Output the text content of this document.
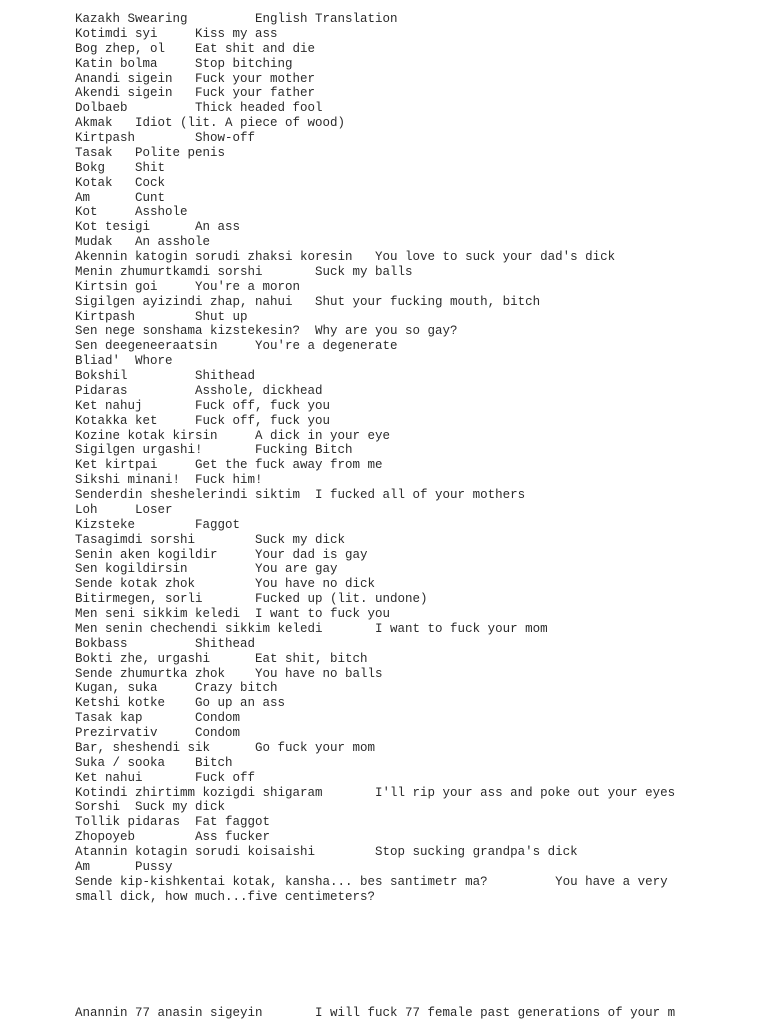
Kazakh Swearing         English Translation
Kotimdi syi     Kiss my ass
Bog zhep, ol    Eat shit and die
Katin bolma     Stop bitching
Anandi sigein   Fuck your mother
Akendi sigein   Fuck your father
Dolbaeb         Thick headed fool
Akmak   Idiot (lit. A piece of wood)
Kirtpash        Show-off
Tasak   Polite penis
Bokg    Shit
Kotak   Cock
Am      Cunt
Kot     Asshole
Kot tesigi      An ass
Mudak   An asshole
Akennin katogin sorudi zhaksi koresin   You love to suck your dad's dick
Menin zhumurtkamdi sorshi       Suck my balls
Kirtsin goi     You're a moron
Sigilgen ayizindi zhap, nahui   Shut your fucking mouth, bitch
Kirtpash        Shut up
Sen nege sonshama kizstekesin?  Why are you so gay?
Sen deegeneeraatsin     You're a degenerate
Bliad'  Whore
Bokshil         Shithead
Pidaras         Asshole, dickhead
Ket nahuj       Fuck off, fuck you
Kotakka ket     Fuck off, fuck you
Kozine kotak kirsin     A dick in your eye
Sigilgen urgashi!       Fucking Bitch
Ket kirtpai     Get the fuck away from me
Sikshi minani!  Fuck him!
Senderdin sheshelerindi siktim  I fucked all of your mothers
Loh     Loser
Kizsteke        Faggot
Tasagimdi sorshi        Suck my dick
Senin aken kogildir     Your dad is gay
Sen kogildirsin         You are gay
Sende kotak zhok        You have no dick
Bitirmegen, sorli       Fucked up (lit. undone)
Men seni sikkim keledi  I want to fuck you
Men senin chechendi sikkim keledi       I want to fuck your mom
Bokbass         Shithead
Bokti zhe, urgashi      Eat shit, bitch
Sende zhumurtka zhok    You have no balls
Kugan, suka     Crazy bitch
Ketshi kotke    Go up an ass
Tasak kap       Condom
Prezirvativ     Condom
Bar, sheshendi sik      Go fuck your mom
Suka / sooka    Bitch
Ket nahui       Fuck off
Kotindi zhirtimm kozigdi shigaram       I'll rip your ass and poke out your eyes
Sorshi  Suck my dick
Tollik pidaras  Fat faggot
Zhopoyeb        Ass fucker
Atannin kotagin sorudi koisaishi        Stop sucking grandpa's dick
Am      Pussy
Sende kip-kishkentai kotak, kansha... bes santimetr ma?         You have a very
small dick, how much...five centimeters?
Anannin 77 anasin sigeyin       I will fuck 77 female past generations of your m
